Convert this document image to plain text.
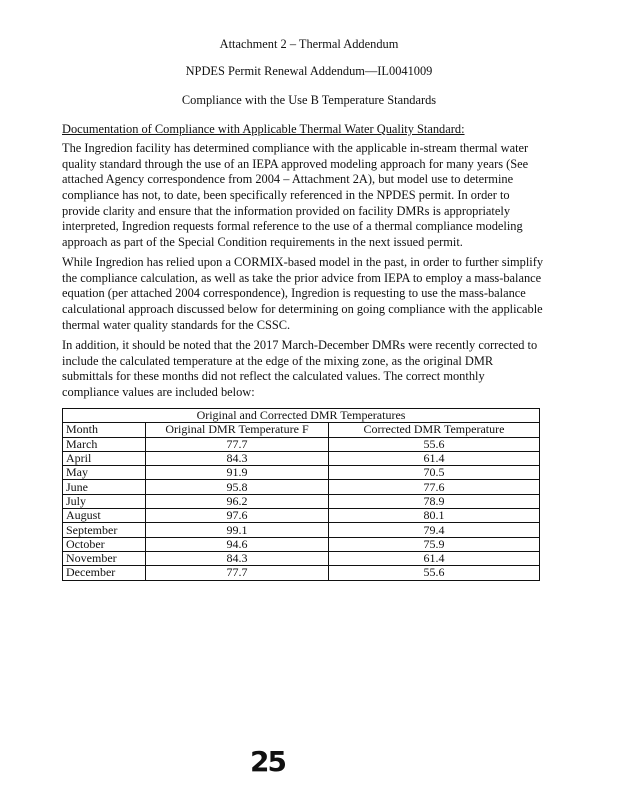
Attachment 2 – Thermal Addendum
NPDES Permit Renewal Addendum—IL0041009
Compliance with the Use B Temperature Standards
Documentation of Compliance with Applicable Thermal Water Quality Standard:
The Ingredion facility has determined compliance with the applicable in-stream thermal water
quality standard through the use of an IEPA approved modeling approach for many years (See
attached Agency correspondence from 2004 – Attachment 2A), but model use to determine
compliance has not, to date, been specifically referenced in the NPDES permit. In order to
provide clarity and ensure that the information provided on facility DMRs is appropriately
interpreted, Ingredion requests formal reference to the use of a thermal compliance modeling
approach as part of the Special Condition requirements in the next issued permit.
While Ingredion has relied upon a CORMIX-based model in the past, in order to further simplify
the compliance calculation, as well as take the prior advice from IEPA to employ a mass-balance
equation (per attached 2004 correspondence), Ingredion is requesting to use the mass-balance
calculational approach discussed below for determining on going compliance with the applicable
thermal water quality standards for the CSSC.
In addition, it should be noted that the 2017 March-December DMRs were recently corrected to
include the calculated temperature at the edge of the mixing zone, as the original DMR
submittals for these months did not reflect the calculated values. The correct monthly
compliance values are included below:
Original and Corrected DMR Temperatures		
Month	Original DMR Temperature F	Corrected DMR Temperature
March	77.7	55.6
April	84.3	61.4
May	91.9	70.5
June	95.8	77.6
July	96.2	78.9
August	97.6	80.1
September	99.1	79.4
October	94.6	75.9
November	84.3	61.4
December	77.7	55.6
25
